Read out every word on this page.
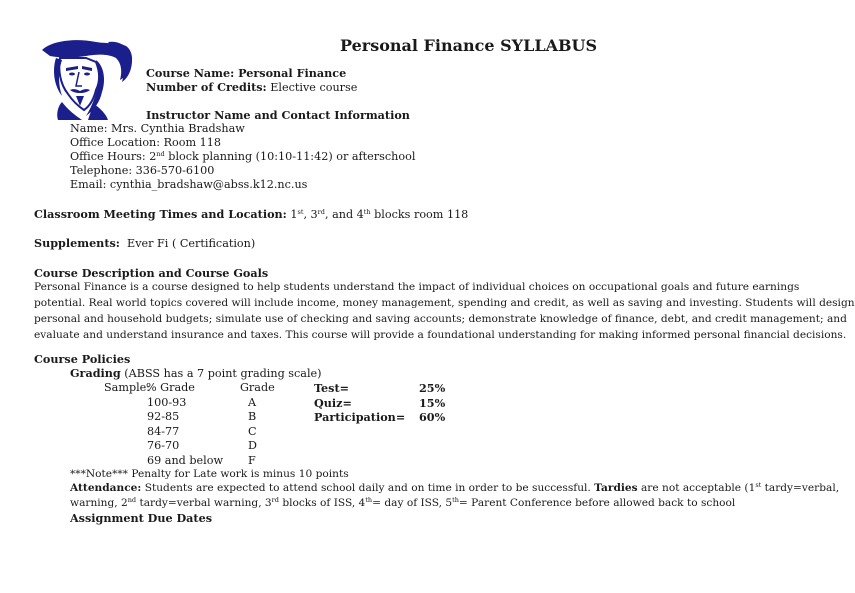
Personal Finance SYLLABUS
Course Name: Personal Finance
Number of Credits: Elective course
Instructor Name and Contact Information
Name: Mrs. Cynthia Bradshaw
Office Location: Room 118
Office Hours: 2nd block planning (10:10-11:42) or afterschool
Telephone: 336-570-6100
Email: cynthia_bradshaw@abss.k12.nc.us
Classroom Meeting Times and Location: 1st, 3rd, and 4th blocks room 118
Supplements:  Ever Fi ( Certification)
Course Description and Course Goals
Personal Finance is a course designed to help students understand the impact of individual choices on occupational goals and future earnings
potential. Real world topics covered will include income, money management, spending and credit, as well as saving and investing. Students will design
personal and household budgets; simulate use of checking and saving accounts; demonstrate knowledge of finance, debt, and credit management; and
evaluate and understand insurance and taxes. This course will provide a foundational understanding for making informed personal financial decisions.
Course Policies
Grading (ABSS has a 7 point grading scale)
Sample:
% Grade	Grade
100-93	A
92-85	B
84-77	C
76-70	D
69 and below F
Test=	25%
Quiz=	15%
Participation= 60%
***Note*** Penalty for Late work is minus 10 points
Attendance: Students are expected to attend school daily and on time in order to be successful. Tardies are not acceptable (1st tardy=verbal,
warning, 2nd tardy=verbal warning, 3rd blocks of ISS, 4th= day of ISS, 5th= Parent Conference before allowed back to school
Assignment Due Dates
